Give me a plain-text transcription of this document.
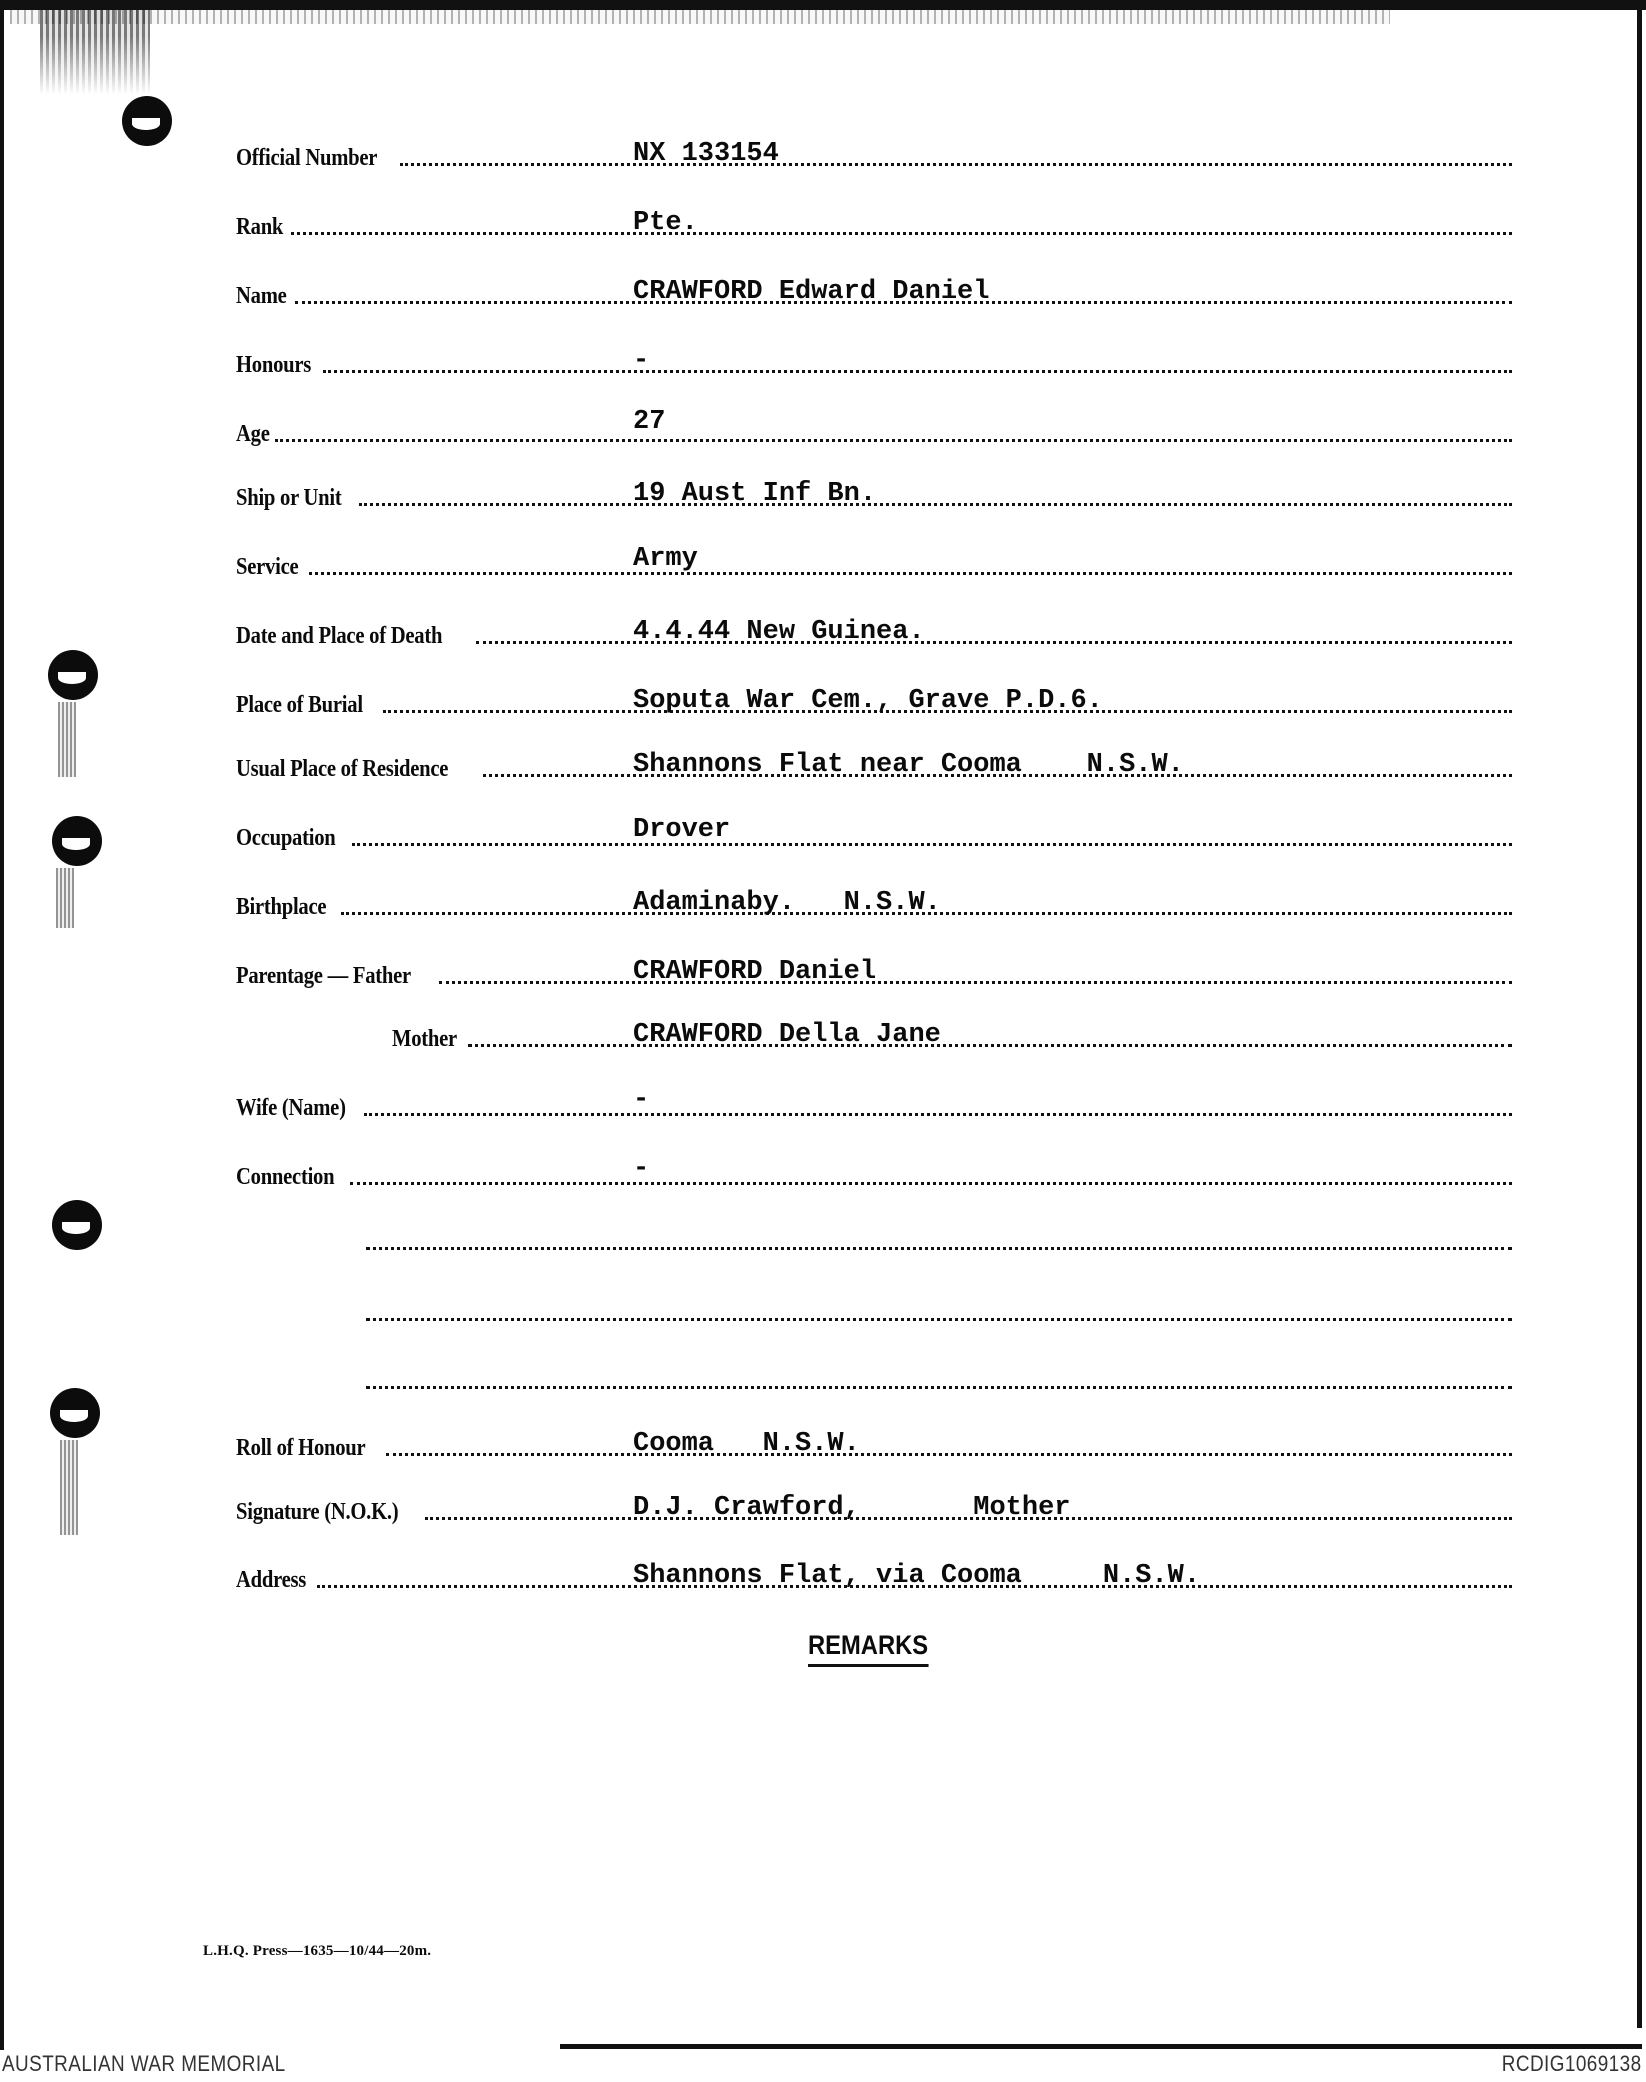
Official Number	NX 133154
Rank	Pte.
Name	CRAWFORD Edward Daniel
Honours	-
Age	27
Ship or Unit	19 Aust Inf Bn.
Service	Army
Date and Place of Death	4.4.44 New Guinea.
Place of Burial	Soputa War Cem., Grave P.D.6.
Usual Place of Residence	Shannons Flat near Cooma    N.S.W.
Occupation	Drover
Birthplace	Adaminaby.   N.S.W.
Parentage — Father	CRAWFORD Daniel
Mother	CRAWFORD Della Jane
Wife (Name)	-
Connection	-
Roll of Honour	Cooma   N.S.W.
Signature (N.O.K.)	D.J. Crawford,       Mother
Address	Shannons Flat, via Cooma     N.S.W.
REMARKS
L.H.Q. Press—1635—10/44—20m.
AUSTRALIAN WAR MEMORIAL	RCDIG1069138
